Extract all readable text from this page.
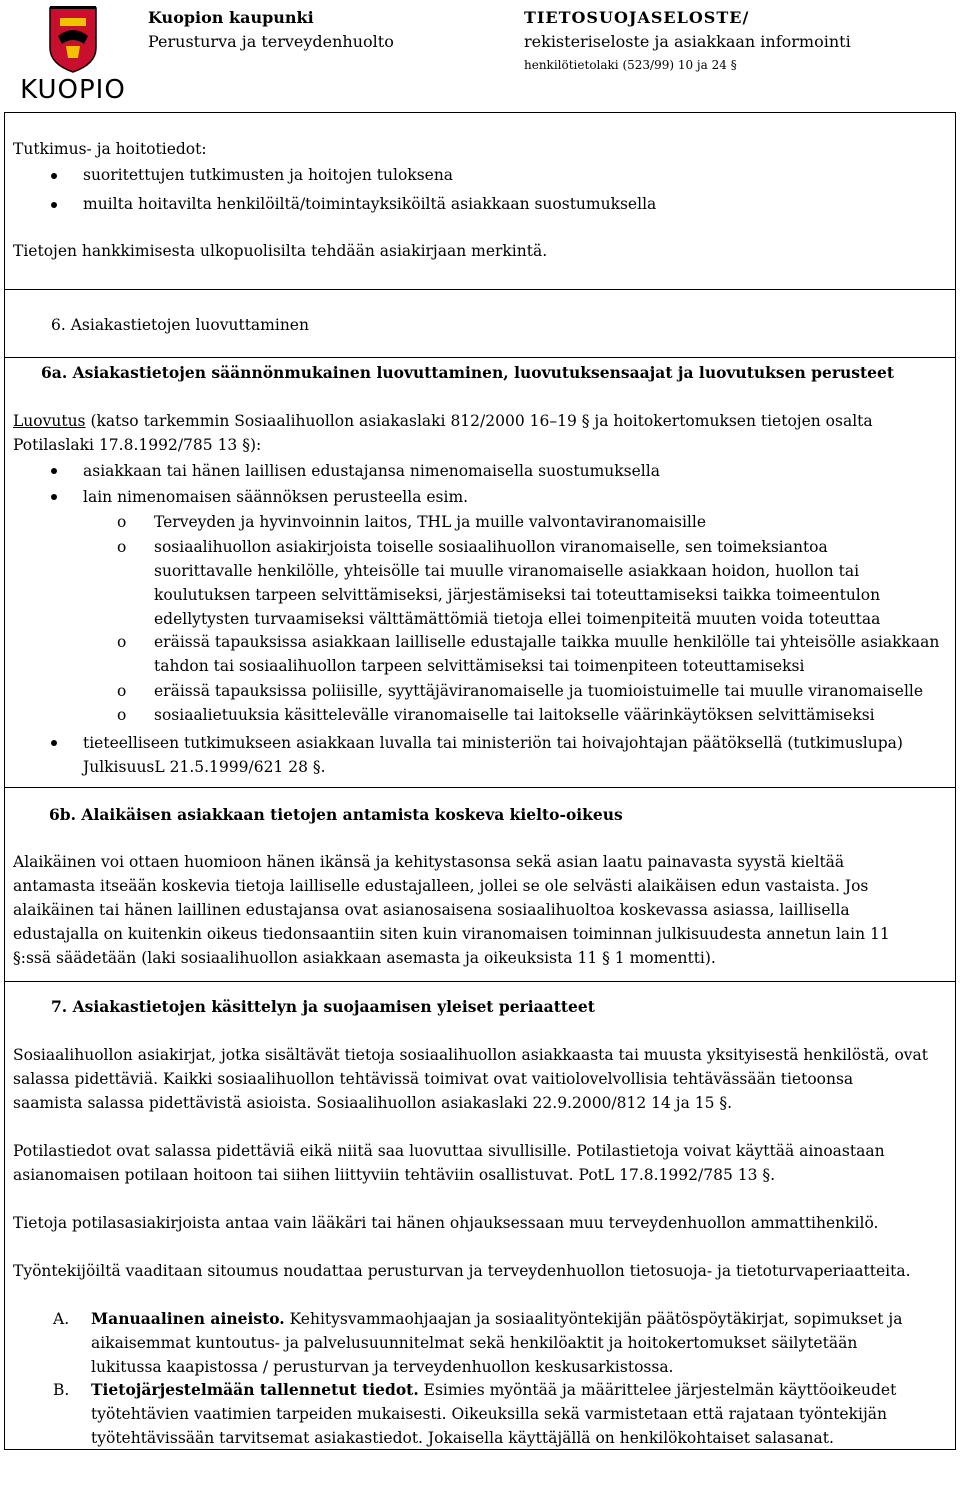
KUOPIO
Kuopion kaupunki
Perusturva ja terveydenhuolto
TIETOSUOJASELOSTE/
rekisteriseloste ja asiakkaan informointi
henkilötietolaki (523/99) 10 ja 24 §
Tutkimus- ja hoitotiedot:
suoritettujen tutkimusten ja hoitojen tuloksena
muilta hoitavilta henkilöiltä/toimintayksiköiltä asiakkaan suostumuksella
Tietojen hankkimisesta ulkopuolisilta tehdään asiakirjaan merkintä.
6. Asiakastietojen luovuttaminen
6a. Asiakastietojen säännönmukainen luovuttaminen, luovutuksensaajat ja luovutuksen perusteet
Luovutus (katso tarkemmin Sosiaalihuollon asiakaslaki 812/2000 16–19 § ja hoitokertomuksen tietojen osalta
Potilaslaki 17.8.1992/785 13 §):
asiakkaan tai hänen laillisen edustajansa nimenomaisella suostumuksella
lain nimenomaisen säännöksen perusteella esim.
o Terveyden ja hyvinvoinnin laitos, THL ja muille valvontaviranomaisille
o sosiaalihuollon asiakirjoista toiselle sosiaalihuollon viranomaiselle, sen toimeksiantoa
suorittavalle henkilölle, yhteisölle tai muulle viranomaiselle asiakkaan hoidon, huollon tai
koulutuksen tarpeen selvittämiseksi, järjestämiseksi tai toteuttamiseksi taikka toimeentulon
edellytysten turvaamiseksi välttämättömiä tietoja ellei toimenpiteitä muuten voida toteuttaa
o eräissä tapauksissa asiakkaan lailliselle edustajalle taikka muulle henkilölle tai yhteisölle asiakkaan
tahdon tai sosiaalihuollon tarpeen selvittämiseksi tai toimenpiteen toteuttamiseksi
o eräissä tapauksissa poliisille, syyttäjäviranomaiselle ja tuomioistuimelle tai muulle viranomaiselle
o sosiaalietuuksia käsittelevälle viranomaiselle tai laitokselle väärinkäytöksen selvittämiseksi
tieteelliseen tutkimukseen asiakkaan luvalla tai ministeriön tai hoivajohtajan päätöksellä (tutkimuslupa)
JulkisuusL 21.5.1999/621 28 §.
6b. Alaikäisen asiakkaan tietojen antamista koskeva kielto-oikeus
Alaikäinen voi ottaen huomioon hänen ikänsä ja kehitystasonsa sekä asian laatu painavasta syystä kieltää
antamasta itseään koskevia tietoja lailliselle edustajalleen, jollei se ole selvästi alaikäisen edun vastaista. Jos
alaikäinen tai hänen laillinen edustajansa ovat asianosaisena sosiaalihuoltoa koskevassa asiassa, laillisella
edustajalla on kuitenkin oikeus tiedonsaantiin siten kuin viranomaisen toiminnan julkisuudesta annetun lain 11
§:ssä säädetään (laki sosiaalihuollon asiakkaan asemasta ja oikeuksista 11 § 1 momentti).
7. Asiakastietojen käsittelyn ja suojaamisen yleiset periaatteet
Sosiaalihuollon asiakirjat, jotka sisältävät tietoja sosiaalihuollon asiakkaasta tai muusta yksityisestä henkilöstä, ovat
salassa pidettäviä. Kaikki sosiaalihuollon tehtävissä toimivat ovat vaitiolovelvollisia tehtävässään tietoonsa
saamista salassa pidettävistä asioista. Sosiaalihuollon asiakaslaki 22.9.2000/812 14 ja 15 §.
Potilastiedot ovat salassa pidettäviä eikä niitä saa luovuttaa sivullisille. Potilastietoja voivat käyttää ainoastaan
asianomaisen potilaan hoitoon tai siihen liittyviin tehtäviin osallistuvat. PotL 17.8.1992/785 13 §.
Tietoja potilasasiakirjoista antaa vain lääkäri tai hänen ohjauksessaan muu terveydenhuollon ammattihenkilö.
Työntekijöiltä vaaditaan sitoumus noudattaa perusturvan ja terveydenhuollon tietosuoja- ja tietoturvaperiaatteita.
A. Manuaalinen aineisto. Kehitysvammaohjaajan ja sosiaalityöntekijän päätöspöytäkirjat, sopimukset ja
aikaisemmat kuntoutus- ja palvelusuunnitelmat sekä henkilöaktit ja hoitokertomukset säilytetään
lukitussa kaapistossa / perusturvan ja terveydenhuollon keskusarkistossa.
B. Tietojärjestelmään tallennetut tiedot. Esimies myöntää ja määrittelee järjestelmän käyttöoikeudet
työtehtävien vaatimien tarpeiden mukaisesti. Oikeuksilla sekä varmistetaan että rajataan työntekijän
työtehtävissään tarvitsemat asiakastiedot. Jokaisella käyttäjällä on henkilökohtaiset salasanat.
